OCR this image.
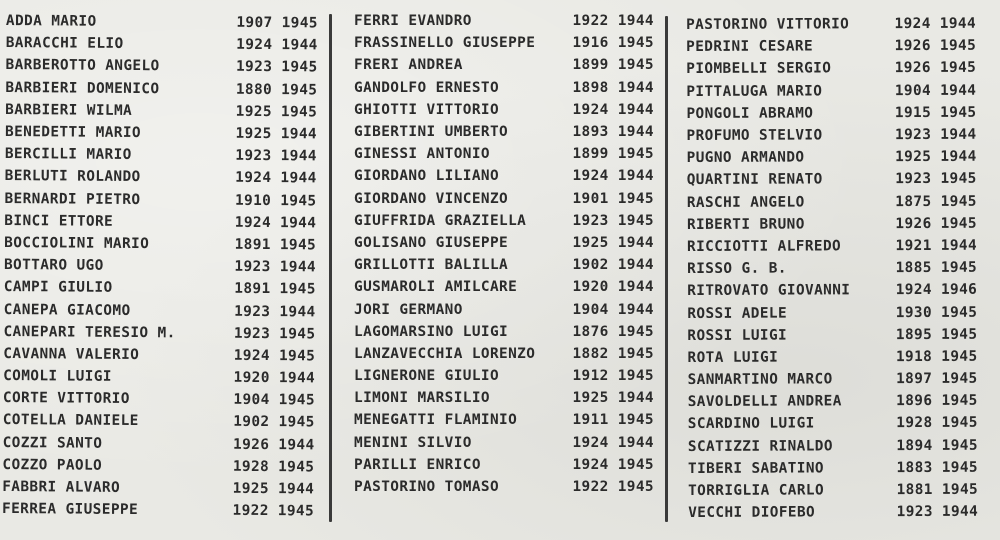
ADDA MARIO	1907 1945
BARACCHI ELIO	1924 1944
BARBEROTTO ANGELO	1923 1945
BARBIERI DOMENICO	1880 1945
BARBIERI WILMA	1925 1945
BENEDETTI MARIO	1925 1944
BERCILLI MARIO	1923 1944
BERLUTI ROLANDO	1924 1944
BERNARDI PIETRO	1910 1945
BINCI ETTORE	1924 1944
BOCCIOLINI MARIO	1891 1945
BOTTARO UGO	1923 1944
CAMPI GIULIO	1891 1945
CANEPA GIACOMO	1923 1944
CANEPARI TERESIO M.	1923 1945
CAVANNA VALERIO	1924 1945
COMOLI LUIGI	1920 1944
CORTE VITTORIO	1904 1945
COTELLA DANIELE	1902 1945
COZZI SANTO	1926 1944
COZZO PAOLO	1928 1945
FABBRI ALVARO	1925 1944
FERREA GIUSEPPE	1922 1945
FERRI EVANDRO	1922 1944
FRASSINELLO GIUSEPPE	1916 1945
FRERI ANDREA	1899 1945
GANDOLFO ERNESTO	1898 1944
GHIOTTI VITTORIO	1924 1944
GIBERTINI UMBERTO	1893 1944
GINESSI ANTONIO	1899 1945
GIORDANO LILIANO	1924 1944
GIORDANO VINCENZO	1901 1945
GIUFFRIDA GRAZIELLA	1923 1945
GOLISANO GIUSEPPE	1925 1944
GRILLOTTI BALILLA	1902 1944
GUSMAROLI AMILCARE	1920 1944
JORI GERMANO	1904 1944
LAGOMARSINO LUIGI	1876 1945
LANZAVECCHIA LORENZO	1882 1945
LIGNERONE GIULIO	1912 1945
LIMONI MARSILIO	1925 1944
MENEGATTI FLAMINIO	1911 1945
MENINI SILVIO	1924 1944
PARILLI ENRICO	1924 1945
PASTORINO TOMASO	1922 1945
PASTORINO VITTORIO	1924 1944
PEDRINI CESARE	1926 1945
PIOMBELLI SERGIO	1926 1945
PITTALUGA MARIO	1904 1944
PONGOLI ABRAMO	1915 1945
PROFUMO STELVIO	1923 1944
PUGNO ARMANDO	1925 1944
QUARTINI RENATO	1923 1945
RASCHI ANGELO	1875 1945
RIBERTI BRUNO	1926 1945
RICCIOTTI ALFREDO	1921 1944
RISSO G. B.	1885 1945
RITROVATO GIOVANNI	1924 1946
ROSSI ADELE	1930 1945
ROSSI LUIGI	1895 1945
ROTA LUIGI	1918 1945
SANMARTINO MARCO	1897 1945
SAVOLDELLI ANDREA	1896 1945
SCARDINO LUIGI	1928 1945
SCATIZZI RINALDO	1894 1945
TIBERI SABATINO	1883 1945
TORRIGLIA CARLO	1881 1945
VECCHI DIOFEBO	1923 1944
